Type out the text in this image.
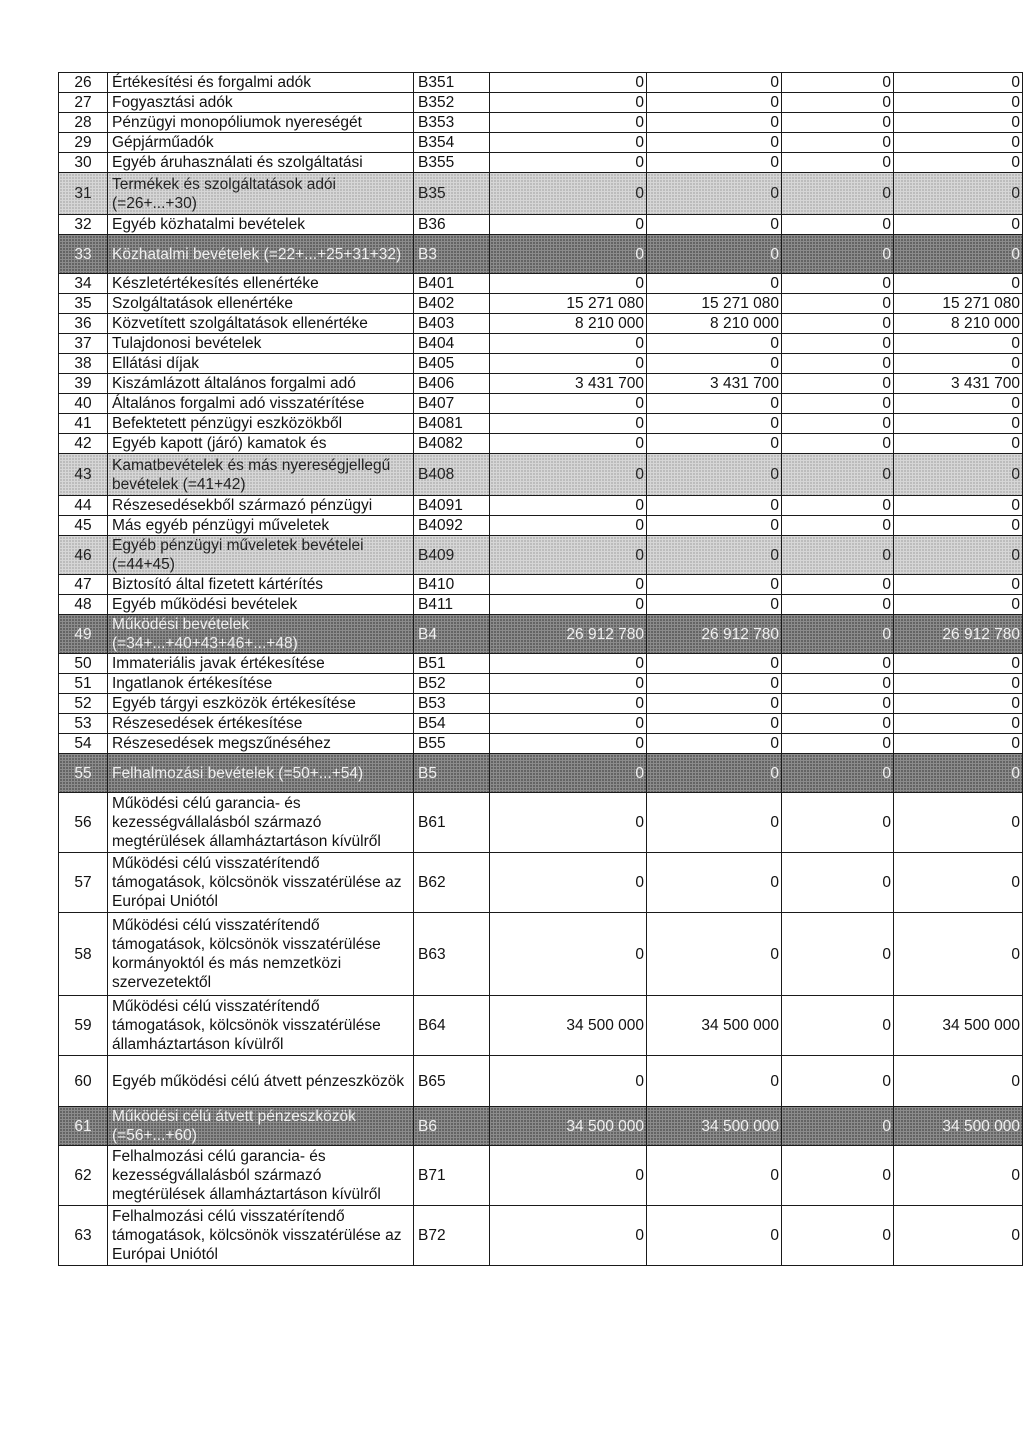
26	Értékesítési és forgalmi adók	B351	0	0	0	0
27	Fogyasztási adók	B352	0	0	0	0
28	Pénzügyi monopóliumok nyereségét	B353	0	0	0	0
29	Gépjárműadók	B354	0	0	0	0
30	Egyéb áruhasználati és szolgáltatási	B355	0	0	0	0
31	Termékek és szolgáltatások adói (=26+...+30)	B35	0	0	0	0
32	Egyéb közhatalmi bevételek	B36	0	0	0	0
33	Közhatalmi bevételek (=22+...+25+31+32)	B3	0	0	0	0
34	Készletértékesítés ellenértéke	B401	0	0	0	0
35	Szolgáltatások ellenértéke	B402	15 271 080	15 271 080	0	15 271 080
36	Közvetített szolgáltatások ellenértéke	B403	8 210 000	8 210 000	0	8 210 000
37	Tulajdonosi bevételek	B404	0	0	0	0
38	Ellátási díjak	B405	0	0	0	0
39	Kiszámlázott általános forgalmi adó	B406	3 431 700	3 431 700	0	3 431 700
40	Általános forgalmi adó visszatérítése	B407	0	0	0	0
41	Befektetett pénzügyi eszközökből	B4081	0	0	0	0
42	Egyéb kapott (járó) kamatok és	B4082	0	0	0	0
43	Kamatbevételek és más nyereségjellegű bevételek (=41+42)	B408	0	0	0	0
44	Részesedésekből származó pénzügyi	B4091	0	0	0	0
45	Más egyéb pénzügyi műveletek	B4092	0	0	0	0
46	Egyéb pénzügyi műveletek bevételei (=44+45)	B409	0	0	0	0
47	Biztosító által fizetett kártérítés	B410	0	0	0	0
48	Egyéb működési bevételek	B411	0	0	0	0
49	Működési bevételek (=34+...+40+43+46+...+48)	B4	26 912 780	26 912 780	0	26 912 780
50	Immateriális javak értékesítése	B51	0	0	0	0
51	Ingatlanok értékesítése	B52	0	0	0	0
52	Egyéb tárgyi eszközök értékesítése	B53	0	0	0	0
53	Részesedések értékesítése	B54	0	0	0	0
54	Részesedések megszűnéséhez	B55	0	0	0	0
55	Felhalmozási bevételek (=50+...+54)	B5	0	0	0	0
56	Működési célú garancia- és kezességvállalásból származó megtérülések államháztartáson kívülről	B61	0	0	0	0
57	Működési célú visszatérítendő támogatások, kölcsönök visszatérülése az Európai Uniótól	B62	0	0	0	0
58	Működési célú visszatérítendő támogatások, kölcsönök visszatérülése kormányoktól és más nemzetközi szervezetektől	B63	0	0	0	0
59	Működési célú visszatérítendő támogatások, kölcsönök visszatérülése államháztartáson kívülről	B64	34 500 000	34 500 000	0	34 500 000
60	Egyéb működési célú átvett pénzeszközök	B65	0	0	0	0
61	Működési célú átvett pénzeszközök (=56+...+60)	B6	34 500 000	34 500 000	0	34 500 000
62	Felhalmozási célú garancia- és kezességvállalásból származó megtérülések államháztartáson kívülről	B71	0	0	0	0
63	Felhalmozási célú visszatérítendő támogatások, kölcsönök visszatérülése az Európai Uniótól	B72	0	0	0	0
